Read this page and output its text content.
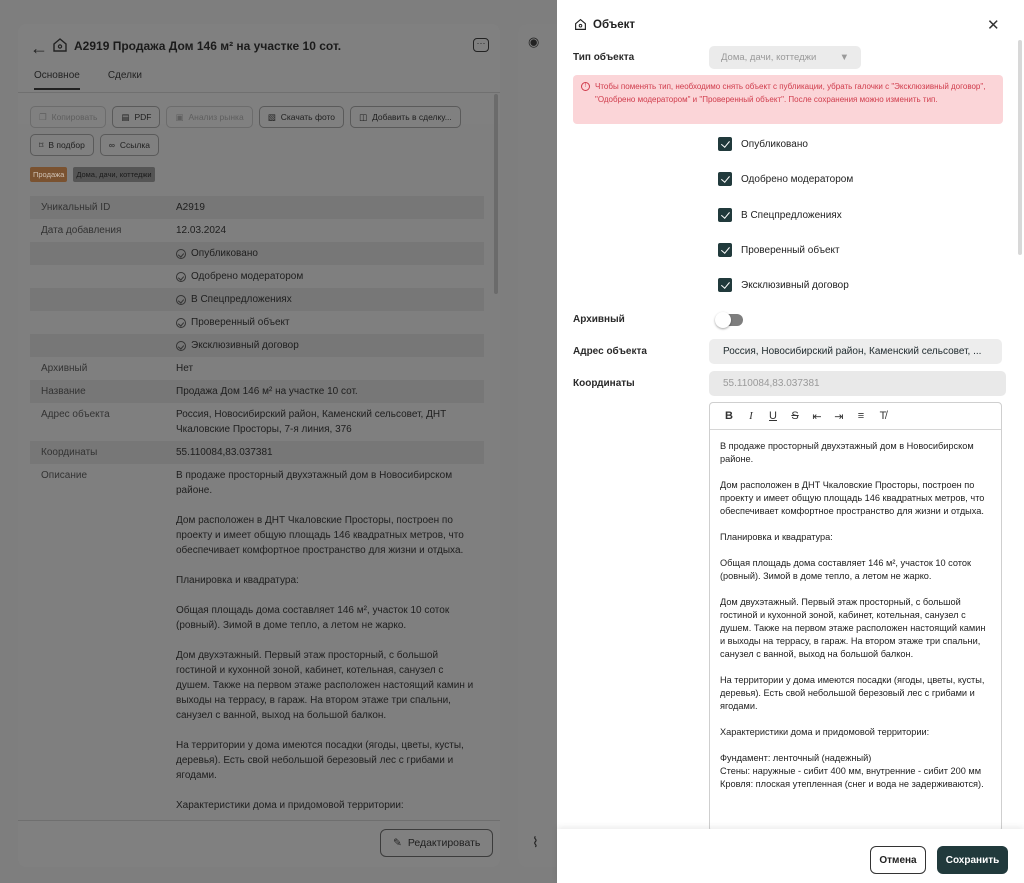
← А2919 Продажа Дом 146 м² на участке 10 сот.	···
Основное	Сделки
❐ Копировать	▤ PDF	▣ Анализ рынка	▧ Скачать фото	◫ Добавить в сделку...
⌑ В подбор	∞ Ссылка
Продажа	Дома, дачи, коттеджи
Уникальный ID	А2919
Дата добавления	12.03.2024
Опубликовано
Одобрено модератором
В Спецпредложениях
Проверенный объект
Эксклюзивный договор
Архивный	Нет
Название	Продажа Дом 146 м² на участке 10 сот.
Адрес объекта	Россия, Новосибирский район, Каменский сельсовет, ДНТ Чкаловские Просторы, 7-я линия, 376
Координаты	55.110084,83.037381
Описание	В продаже просторный двухэтажный дом в Новосибирском районе.

Дом расположен в ДНТ Чкаловские Просторы, построен по проекту и имеет общую площадь 146 квадратных метров, что обеспечивает комфортное пространство для жизни и отдыха.

Планировка и квадратура:

Общая площадь дома составляет 146 м², участок 10 соток (ровный). Зимой в доме тепло, а летом не жарко.

Дом двухэтажный. Первый этаж просторный, с большой гостиной и кухонной зоной, кабинет, котельная, санузел с душем. Также на первом этаже расположен настоящий камин и выходы на террасу, в гараж. На втором этаже три спальни, санузел с ванной, выход на большой балкон.

На территории у дома имеются посадки (ягоды, цветы, кусты, деревья). Есть свой небольшой березовый лес с грибами и ягодами.

Характеристики дома и придомовой территории:
✎ Редактировать
◉
⌇
Объект	✕
Тип объекта	Дома, дачи, коттеджи ▼
!	Чтобы поменять тип, необходимо снять объект с публикации, убрать галочки с "Эксклюзивный договор", "Одобрено модератором" и "Проверенный объект". После сохранения можно изменить тип.
Опубликовано
Одобрено модератором
В Спецпредложениях
Проверенный объект
Эксклюзивный договор
Архивный
Адрес объекта	Россия, Новосибирский район, Каменский сельсовет, ...
Координаты	55.110084,83.037381
B I U S ⇤ ⇥ ≡ T̸
В продаже просторный двухэтажный дом в Новосибирском районе.

Дом расположен в ДНТ Чкаловские Просторы, построен по проекту и имеет общую площадь 146 квадратных метров, что обеспечивает комфортное пространство для жизни и отдыха.

Планировка и квадратура:

Общая площадь дома составляет 146 м², участок 10 соток (ровный). Зимой в доме тепло, а летом не жарко.

Дом двухэтажный. Первый этаж просторный, с большой гостиной и кухонной зоной, кабинет, котельная, санузел с душем. Также на первом этаже расположен настоящий камин и выходы на террасу, в гараж. На втором этаже три спальни, санузел с ванной, выход на большой балкон.

На территории у дома имеются посадки (ягоды, цветы, кусты, деревья). Есть свой небольшой березовый лес с грибами и ягодами.

Характеристики дома и придомовой территории:

Фундамент: ленточный (надежный)
Стены: наружные - сибит 400 мм, внутренние - сибит 200 мм
Кровля: плоская утепленная (снег и вода не задерживаются).
Отмена	Сохранить
